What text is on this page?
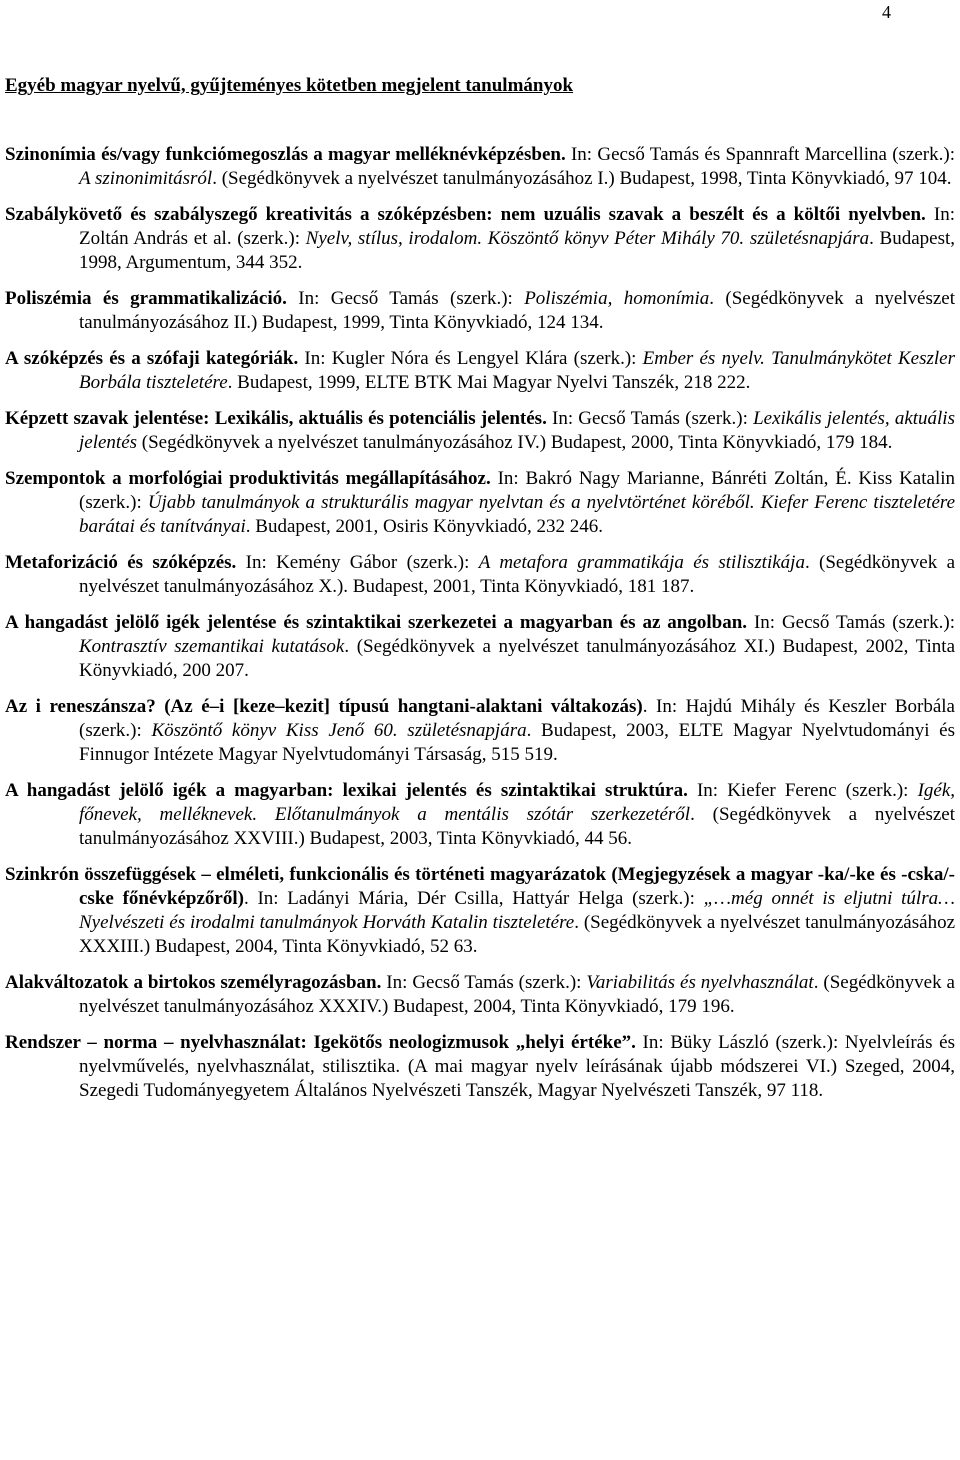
4
Egyéb magyar nyelvű, gyűjteményes kötetben megjelent tanulmányok

Szinonímia és/vagy funkciómegoszlás a magyar melléknévképzésben. In: Gecső Tamás és Spannraft Marcellina (szerk.): A szinonimitásról. (Segédkönyvek a nyelvészet tanulmányozásához I.) Budapest, 1998, Tinta Könyvkiadó, 97 104.

Szabálykövető és szabályszegő kreativitás a szóképzésben: nem uzuális szavak a beszélt és a költői nyelvben. In: Zoltán András et al. (szerk.): Nyelv, stílus, irodalom. Köszöntő könyv Péter Mihály 70. születésnapjára. Budapest, 1998, Argumentum, 344 352.

Poliszémia és grammatikalizáció. In: Gecső Tamás (szerk.): Poliszémia, homonímia. (Segédkönyvek a nyelvészet tanulmányozásához II.) Budapest, 1999, Tinta Könyvkiadó, 124 134.

A szóképzés és a szófaji kategóriák. In: Kugler Nóra és Lengyel Klára (szerk.): Ember és nyelv. Tanulmánykötet Keszler Borbála tiszteletére. Budapest, 1999, ELTE BTK Mai Magyar Nyelvi Tanszék, 218 222.

Képzett szavak jelentése: Lexikális, aktuális és potenciális jelentés. In: Gecső Tamás (szerk.): Lexikális jelentés, aktuális jelentés (Segédkönyvek a nyelvészet tanulmányozásához IV.) Budapest, 2000, Tinta Könyvkiadó, 179 184.

Szempontok a morfológiai produktivitás megállapításához. In: Bakró Nagy Marianne, Bánréti Zoltán, É. Kiss Katalin (szerk.): Újabb tanulmányok a strukturális magyar nyelvtan és a nyelvtörténet köréből. Kiefer Ferenc tiszteletére barátai és tanítványai. Budapest, 2001, Osiris Könyvkiadó, 232 246.

Metaforizáció és szóképzés. In: Kemény Gábor (szerk.): A metafora grammatikája és stilisztikája. (Segédkönyvek a nyelvészet tanulmányozásához X.). Budapest, 2001, Tinta Könyvkiadó, 181 187.

A hangadást jelölő igék jelentése és szintaktikai szerkezetei a magyarban és az angolban. In: Gecső Tamás (szerk.): Kontrasztív szemantikai kutatások. (Segédkönyvek a nyelvészet tanulmányozásához XI.) Budapest, 2002, Tinta Könyvkiadó, 200 207.

Az i reneszánsza? (Az é–i [keze–kezit] típusú hangtani-alaktani váltakozás). In: Hajdú Mihály és Keszler Borbála (szerk.): Köszöntő könyv Kiss Jenő 60. születésnapjára. Budapest, 2003, ELTE Magyar Nyelvtudományi és Finnugor Intézete Magyar Nyelvtudományi Társaság, 515 519.

A hangadást jelölő igék a magyarban: lexikai jelentés és szintaktikai struktúra. In: Kiefer Ferenc (szerk.): Igék, főnevek, melléknevek. Előtanulmányok a mentális szótár szerkezetéről. (Segédkönyvek a nyelvészet tanulmányozásához XXVIII.) Budapest, 2003, Tinta Könyvkiadó, 44 56.

Szinkrón összefüggések – elméleti, funkcionális és történeti magyarázatok (Megjegyzések a magyar -ka/-ke és -cska/-cske főnévképzőről). In: Ladányi Mária, Dér Csilla, Hattyár Helga (szerk.): „…még onnét is eljutni túlra… Nyelvészeti és irodalmi tanulmányok Horváth Katalin tiszteletére. (Segédkönyvek a nyelvészet tanulmányozásához XXXIII.) Budapest, 2004, Tinta Könyvkiadó, 52 63.

Alakváltozatok a birtokos személyragozásban. In: Gecső Tamás (szerk.): Variabilitás és nyelvhasználat. (Segédkönyvek a nyelvészet tanulmányozásához XXXIV.) Budapest, 2004, Tinta Könyvkiadó, 179 196.

Rendszer – norma – nyelvhasználat: Igekötős neologizmusok „helyi értéke”. In: Büky László (szerk.): Nyelvleírás és nyelvművelés, nyelvhasználat, stilisztika. (A mai magyar nyelv leírásának újabb módszerei VI.) Szeged, 2004, Szegedi Tudományegyetem Általános Nyelvészeti Tanszék, Magyar Nyelvészeti Tanszék, 97 118.
